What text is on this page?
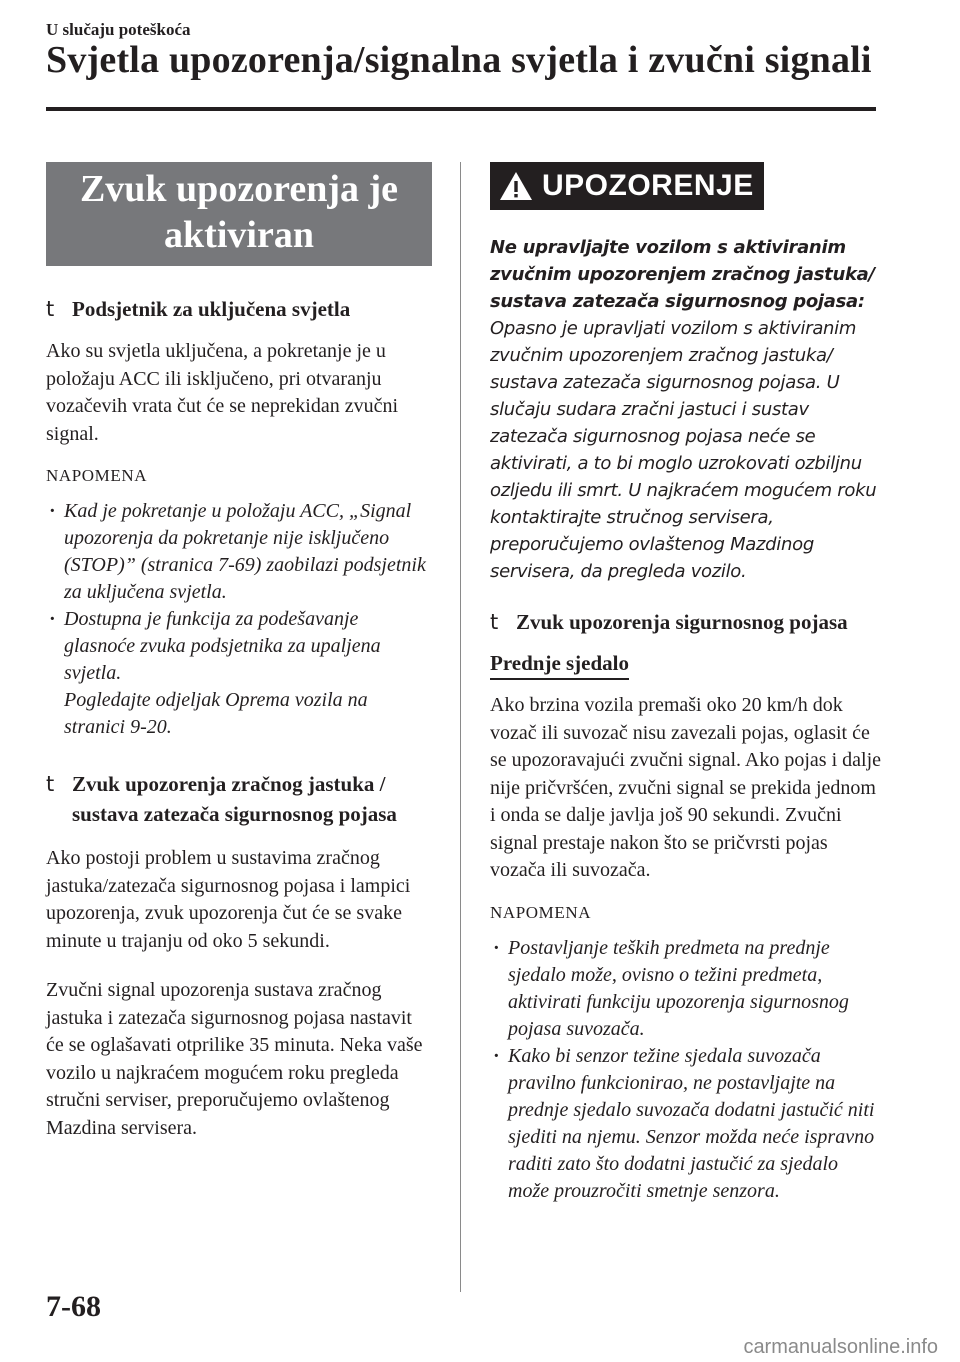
U slučaju poteškoća
Svjetla upozorenja/signalna svjetla i zvučni signali
Zvuk upozorenja je aktiviran
t Podsjetnik za uključena svjetla

Ako su svjetla uključena, a pokretanje je u položaju ACC ili isključeno, pri otvaranju vozačevih vrata čut će se neprekidan zvučni signal.

NAPOMENA

· Kad je pokretanje u položaju ACC, „Signal upozorenja da pokretanje nije isključeno (STOP)” (stranica 7-69) zaobilazi podsjetnik za uključena svjetla.
· Dostupna je funkcija za podešavanje glasnoće zvuka podsjetnika za upaljena svjetla.
Pogledajte odjeljak Oprema vozila na stranici 9-20.
t Zvuk upozorenja zračnog jastuka / sustava zatezača sigurnosnog pojasa

Ako postoji problem u sustavima zračnog jastuka/zatezača sigurnosnog pojasa i lampici upozorenja, zvuk upozorenja čut će se svake minute u trajanju od oko 5 sekundi.

Zvučni signal upozorenja sustava zračnog jastuka i zatezača sigurnosnog pojasa nastavit će se oglašavati otprilike 35 minuta. Neka vaše vozilo u najkraćem mogućem roku pregleda stručni serviser, preporučujemo ovlaštenog Mazdina servisera.

UPOZORENJE

Ne upravljajte vozilom s aktiviranim zvučnim upozorenjem zračnog jastuka/ sustava zatezača sigurnosnog pojasa: Opasno je upravljati vozilom s aktiviranim zvučnim upozorenjem zračnog jastuka/ sustava zatezača sigurnosnog pojasa. U slučaju sudara zračni jastuci i sustav zatezača sigurnosnog pojasa neće se aktivirati, a to bi moglo uzrokovati ozbiljnu ozljedu ili smrt. U najkraćem mogućem roku kontaktirajte stručnog servisera, preporučujemo ovlaštenog Mazdinog servisera, da pregleda vozilo.

t Zvuk upozorenja sigurnosnog pojasa
Prednje sjedalo

Ako brzina vozila premaši oko 20 km/h dok vozač ili suvozač nisu zavezali pojas, oglasit će se upozoravajući zvučni signal. Ako pojas i dalje nije pričvršćen, zvučni signal se prekida jednom i onda se dalje javlja još 90 sekundi. Zvučni signal prestaje nakon što se pričvrsti pojas vozača ili suvozača.

NAPOMENA

· Postavljanje teških predmeta na prednje sjedalo može, ovisno o težini predmeta, aktivirati funkciju upozorenja sigurnosnog pojasa suvozača.
· Kako bi senzor težine sjedala suvozača pravilno funkcionirao, ne postavljajte na prednje sjedalo suvozača dodatni jastučić niti sjediti na njemu. Senzor možda neće ispravno raditi zato što dodatni jastučić za sjedalo može prouzročiti smetnje senzora.
7-68
carmanualsonline.info
